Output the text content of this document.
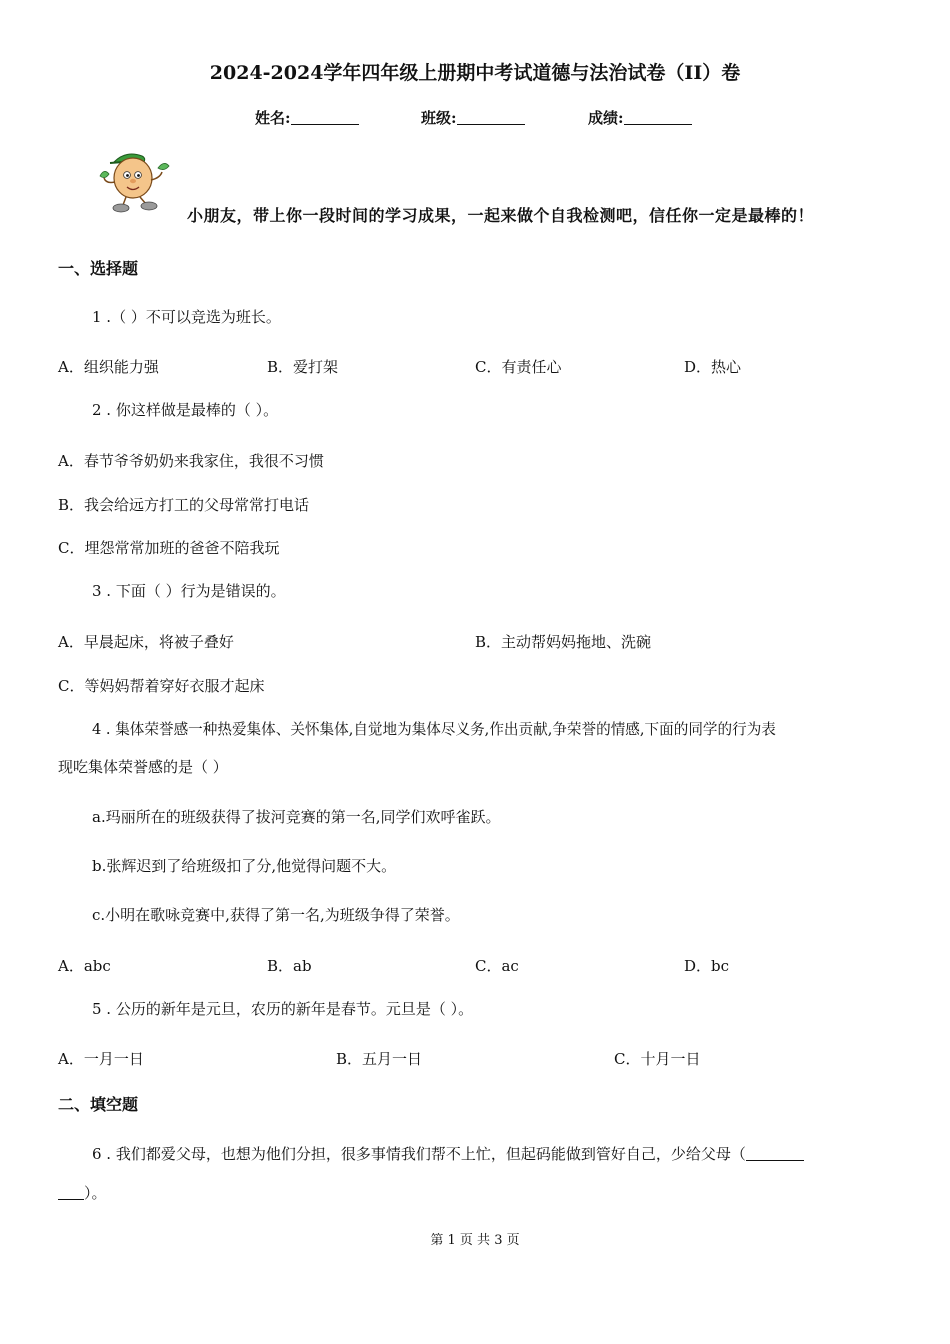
2024-2024学年四年级上册期中考试道德与法治试卷（II）卷
姓名:	班级:	成绩:
小朋友，带上你一段时间的学习成果，一起来做个自我检测吧，信任你一定是最棒的！
一、选择题
1 .（ ）不可以竞选为班长。
A．组织能力强	B．爱打架	C．有责任心	D．热心
2 . 你这样做是最棒的（ ）。
A．春节爷爷奶奶来我家住，我很不习惯
B．我会给远方打工的父母常常打电话
C．埋怨常常加班的爸爸不陪我玩
3 . 下面（ ）行为是错误的。
A．早晨起床，将被子叠好	B．主动帮妈妈拖地、洗碗
C．等妈妈帮着穿好衣服才起床
4 . 集体荣誉感一种热爱集体、关怀集体,自觉地为集体尽义务,作出贡献,争荣誉的情感,下面的同学的行为表
现吃集体荣誉感的是（ ）
a.玛丽所在的班级获得了拔河竞赛的第一名,同学们欢呼雀跃。
b.张辉迟到了给班级扣了分,他觉得问题不大。
c.小明在歌咏竞赛中,获得了第一名,为班级争得了荣誉。
A．abc	B．ab	C．ac	D．bc
5 . 公历的新年是元旦，农历的新年是春节。元旦是（ ）。
A．一月一日	B．五月一日	C．十月一日
二、填空题
6 . 我们都爱父母，也想为他们分担，很多事情我们帮不上忙，但起码能做到管好自己，少给父母（
）。
第 1 页 共 3 页
